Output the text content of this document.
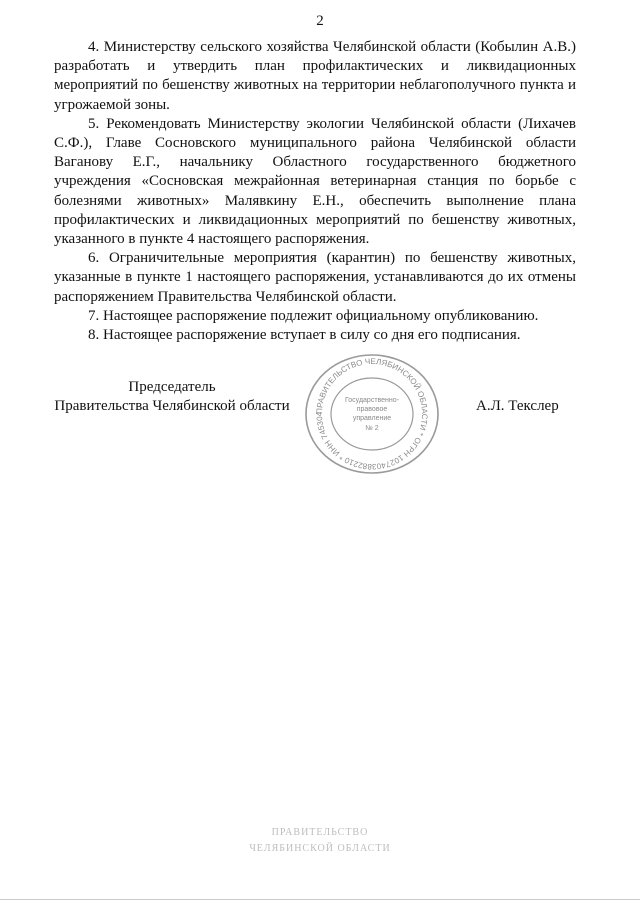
2

4. Министерству сельского хозяйства Челябинской области (Кобылин А.В.) разработать и утвердить план профилактических и ликвидационных мероприятий по бешенству животных на территории неблагополучного пункта и угрожаемой зоны.

5. Рекомендовать Министерству экологии Челябинской области (Лихачев С.Ф.), Главе Сосновского муниципального района Челябинской области Ваганову Е.Г., начальнику Областного государственного бюджетного учреждения «Сосновская межрайонная ветеринарная станция по борьбе с болезнями животных» Малявкину Е.Н., обеспечить выполнение плана профилактических и ликвидационных мероприятий по бешенству животных, указанного в пункте 4 настоящего распоряжения.

6. Ограничительные мероприятия (карантин) по бешенству животных, указанные в пункте 1 настоящего распоряжения, устанавливаются до их отмены распоряжением Правительства Челябинской области.

7. Настоящее распоряжение подлежит официальному опубликованию.

8. Настоящее распоряжение вступает в силу со дня его подписания.

Председатель
Правительства Челябинской области	ПРАВИТЕЛЬСТВО ЧЕЛЯБИНСКОЙ ОБЛАСТИ * ОГРН 1027403882210 * ИНН 745304
Государственно-
правовое
управление
№ 2
А.Л. Текслер
ПРАВИТЕЛЬСТВО
ЧЕЛЯБИНСКОЙ ОБЛАСТИ
